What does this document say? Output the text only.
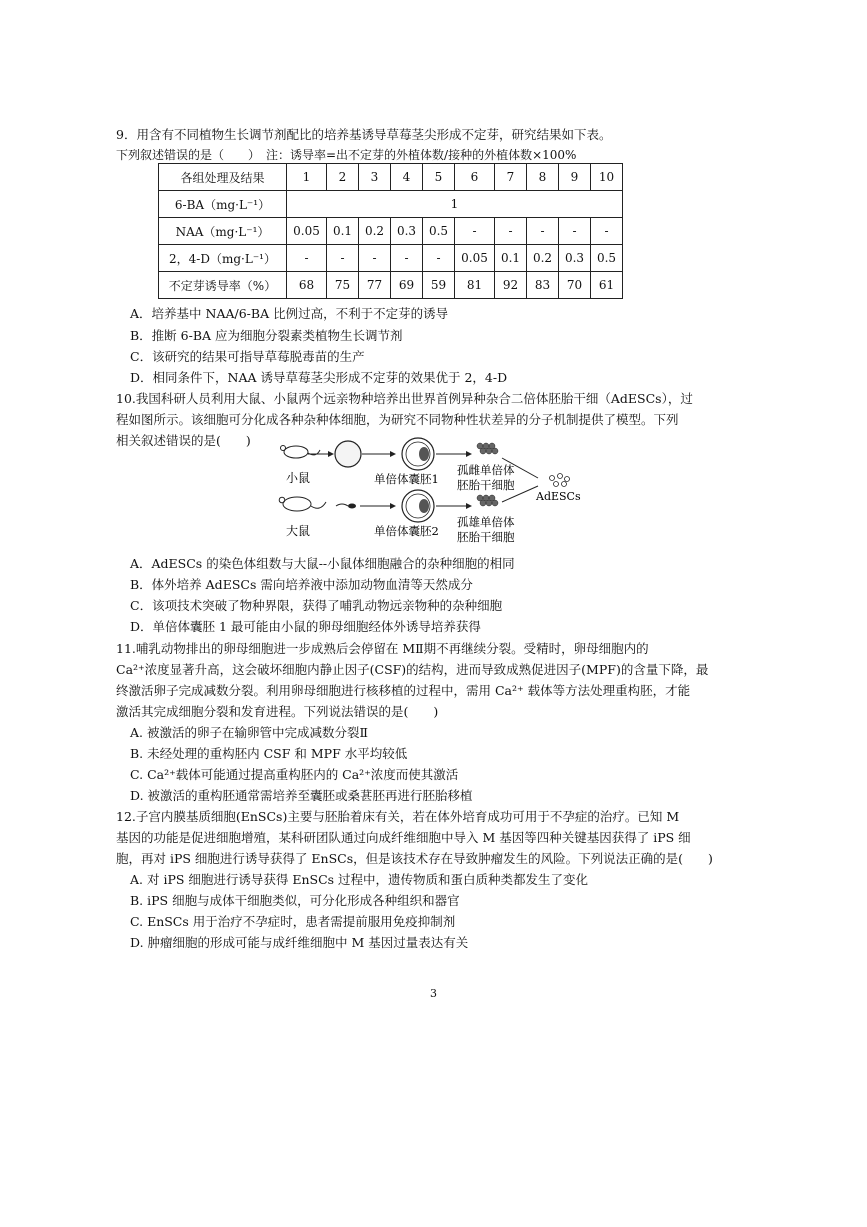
9．用含有不同植物生长调节剂配比的培养基诱导草莓茎尖形成不定芽，研究结果如下表。
下列叙述错误的是（　　）　注：诱导率=出不定芽的外植体数/接种的外植体数×100%
各组处理及结果	1	2	3	4	5	6	7	8	9	10
6-BA（mg·L⁻¹）	1									
NAA（mg·L⁻¹）	0.05	0.1	0.2	0.3	0.5	-	-	-	-	-
2，4-D（mg·L⁻¹）	-	-	-	-	-	0.05	0.1	0.2	0.3	0.5
不定芽诱导率（%）	68	75	77	69	59	81	92	83	70	61
A．培养基中 NAA/6-BA 比例过高，不利于不定芽的诱导
B．推断 6-BA 应为细胞分裂素类植物生长调节剂
C．该研究的结果可指导草莓脱毒苗的生产
D．相同条件下，NAA 诱导草莓茎尖形成不定芽的效果优于 2，4-D
10.我国科研人员利用大鼠、小鼠两个远亲物种培养出世界首例异种杂合二倍体胚胎干细（AdESCs），过
程如图所示。该细胞可分化成各种杂种体细胞，为研究不同物种性状差异的分子机制提供了模型。下列
相关叙述错误的是(　　)
小鼠
大鼠
单倍体囊胚1
单倍体囊胚2
孤雌单倍体
胚胎干细胞
孤雄单倍体
胚胎干细胞
AdESCs
A．AdESCs 的染色体组数与大鼠--小鼠体细胞融合的杂种细胞的相同
B．体外培养 AdESCs 需向培养液中添加动物血清等天然成分
C．该项技术突破了物种界限，获得了哺乳动物远亲物种的杂种细胞
D．单倍体囊胚 1 最可能由小鼠的卵母细胞经体外诱导培养获得
11.哺乳动物排出的卵母细胞进一步成熟后会停留在 MⅡ期不再继续分裂。受精时，卵母细胞内的
Ca²⁺浓度显著升高，这会破坏细胞内静止因子(CSF)的结构，进而导致成熟促进因子(MPF)的含量下降，最
终激活卵子完成减数分裂。利用卵母细胞进行核移植的过程中，需用 Ca²⁺ 载体等方法处理重构胚，才能
激活其完成细胞分裂和发育进程。下列说法错误的是(　　)
A. 被激活的卵子在输卵管中完成减数分裂Ⅱ
B. 未经处理的重构胚内 CSF 和 MPF 水平均较低
C. Ca²⁺载体可能通过提高重构胚内的 Ca²⁺浓度而使其激活
D. 被激活的重构胚通常需培养至囊胚或桑葚胚再进行胚胎移植
12.子宫内膜基质细胞(EnSCs)主要与胚胎着床有关，若在体外培育成功可用于不孕症的治疗。已知 M
基因的功能是促进细胞增殖，某科研团队通过向成纤维细胞中导入 M 基因等四种关键基因获得了 iPS 细
胞，再对 iPS 细胞进行诱导获得了 EnSCs，但是该技术存在导致肿瘤发生的风险。下列说法正确的是(　　)
A. 对 iPS 细胞进行诱导获得 EnSCs 过程中，遗传物质和蛋白质种类都发生了变化
B. iPS 细胞与成体干细胞类似，可分化形成各种组织和器官
C. EnSCs 用于治疗不孕症时，患者需提前服用免疫抑制剂
D. 肿瘤细胞的形成可能与成纤维细胞中 M 基因过量表达有关
3
